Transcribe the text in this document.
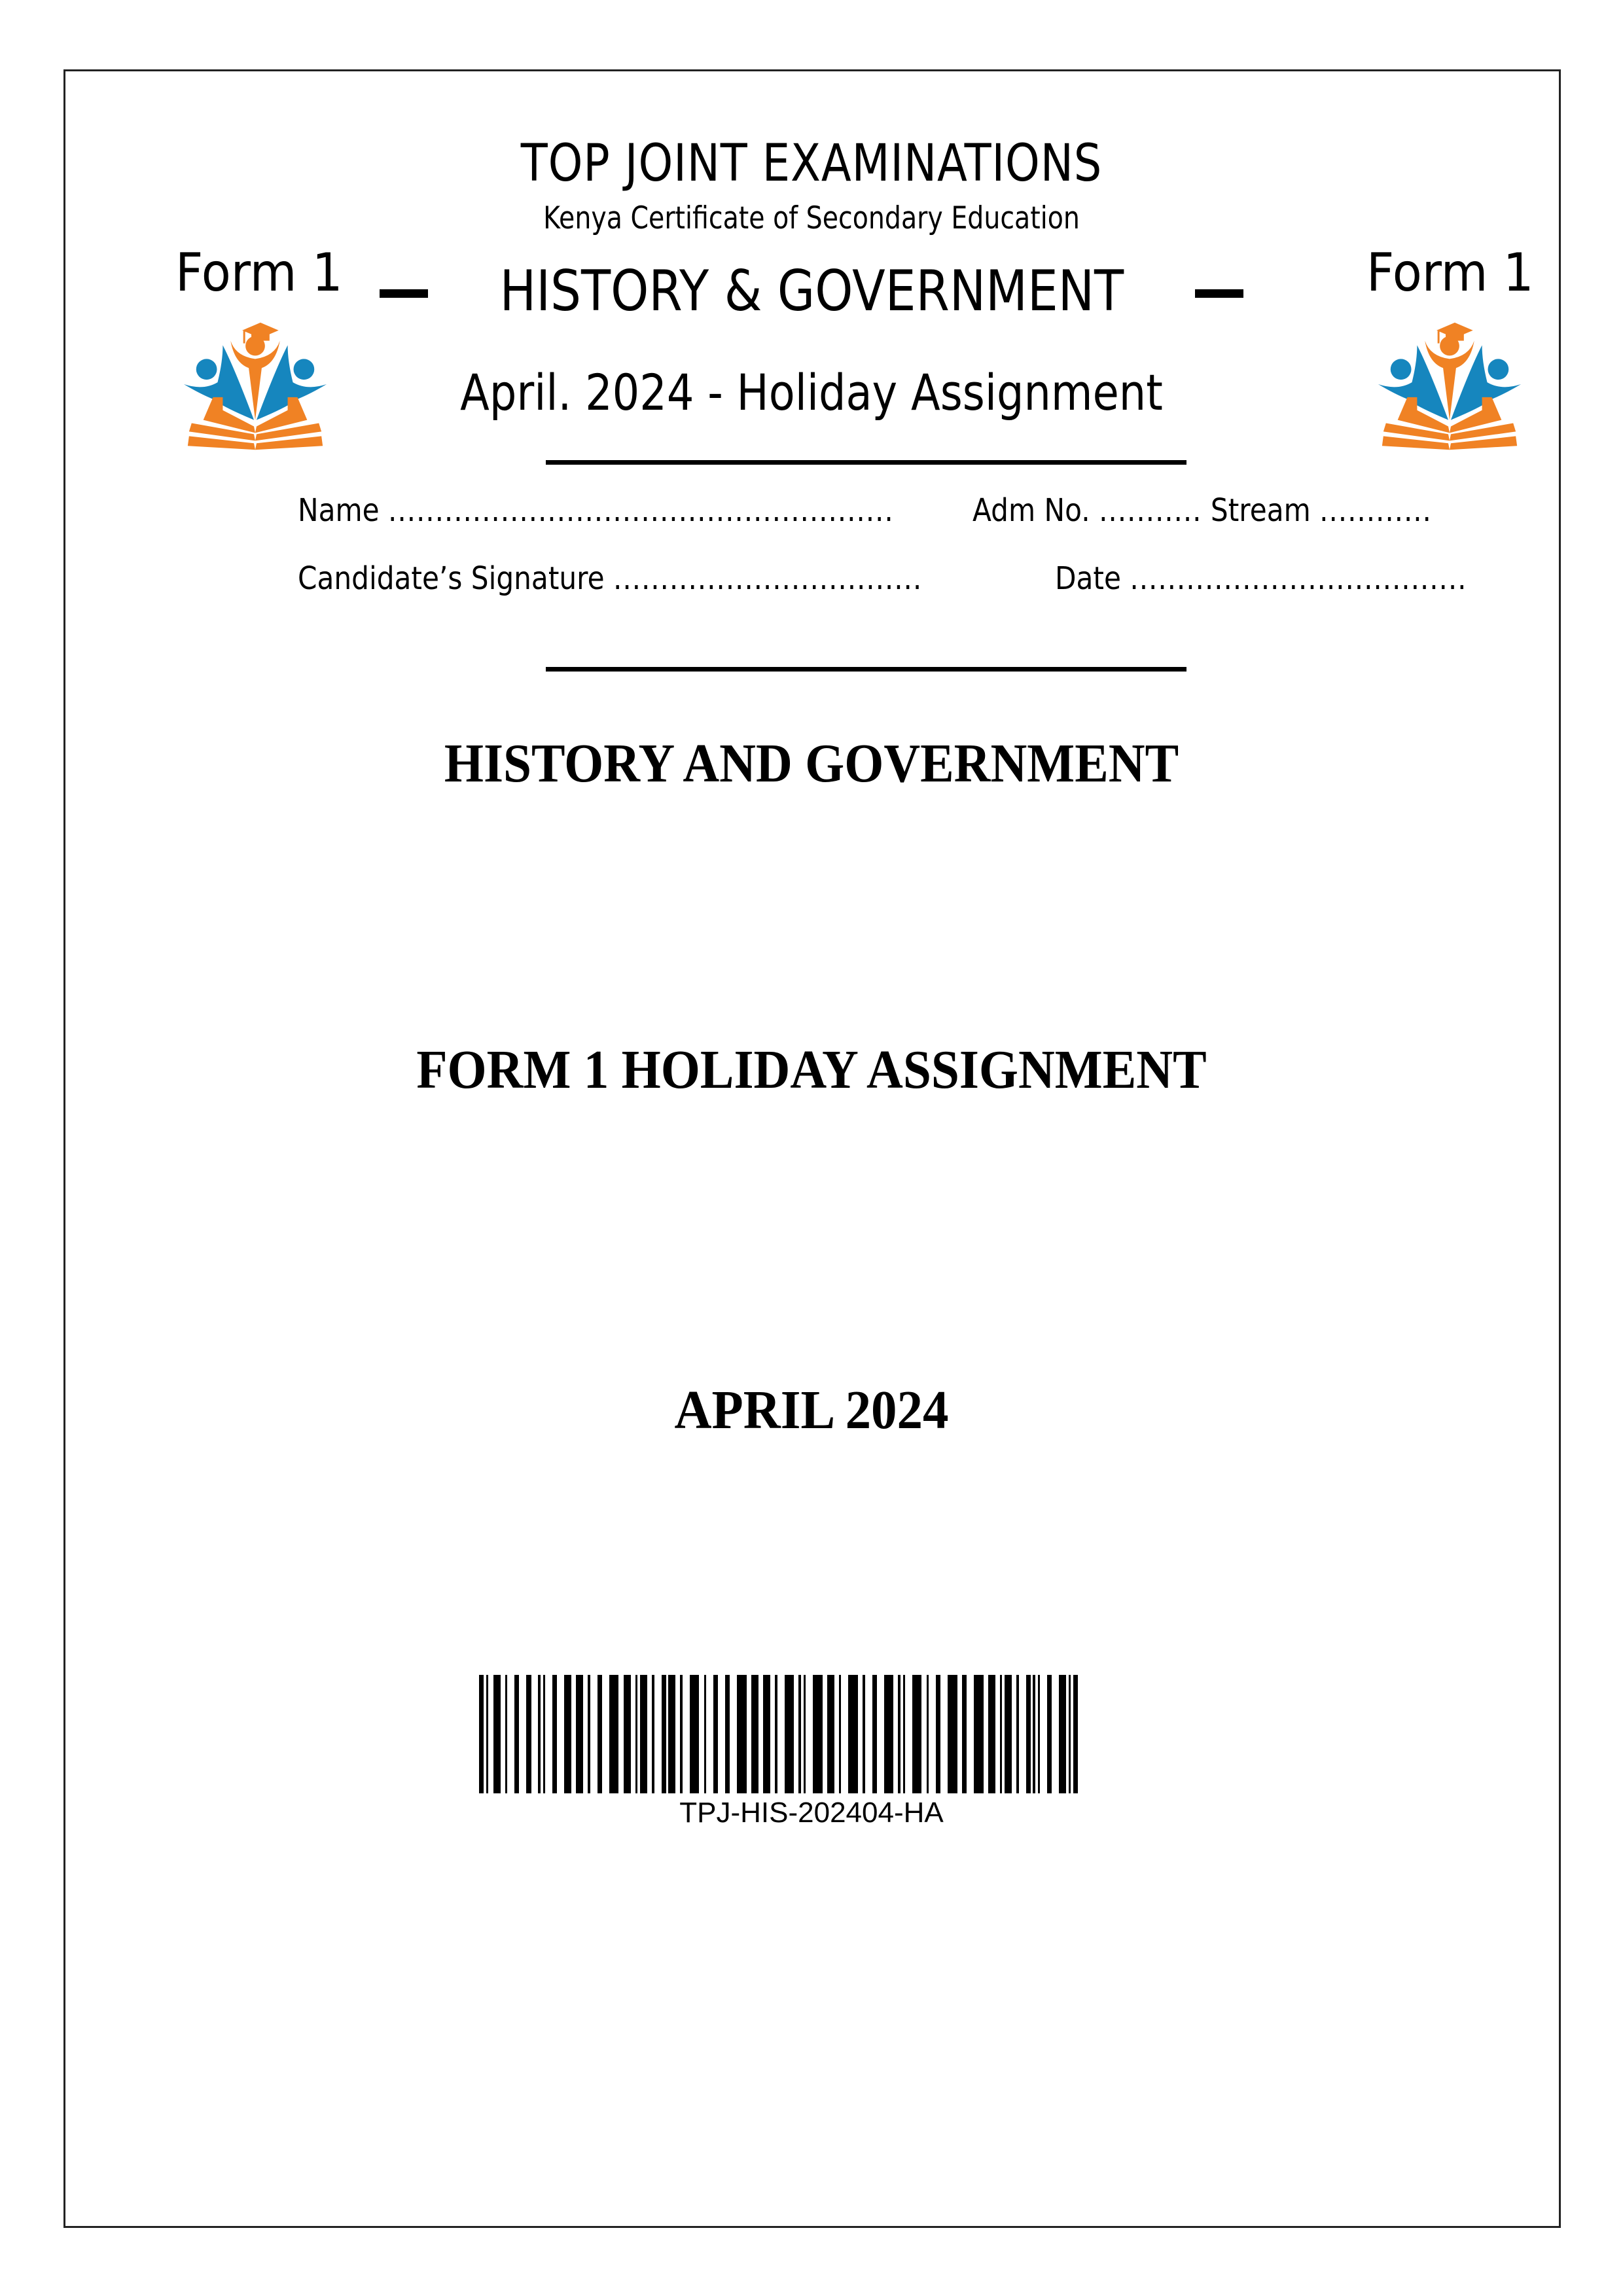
TOP JOINT EXAMINATIONS
Kenya Certificate of Secondary Education
Form 1	Form 1
HISTORY & GOVERNMENT
April. 2024 - Holiday Assignment
Name ......................................................	Adm No. ........... Stream ............
Candidate’s Signature .................................	Date ....................................
HISTORY AND GOVERNMENT
FORM 1 HOLIDAY ASSIGNMENT
APRIL 2024
TPJ-HIS-202404-HA
